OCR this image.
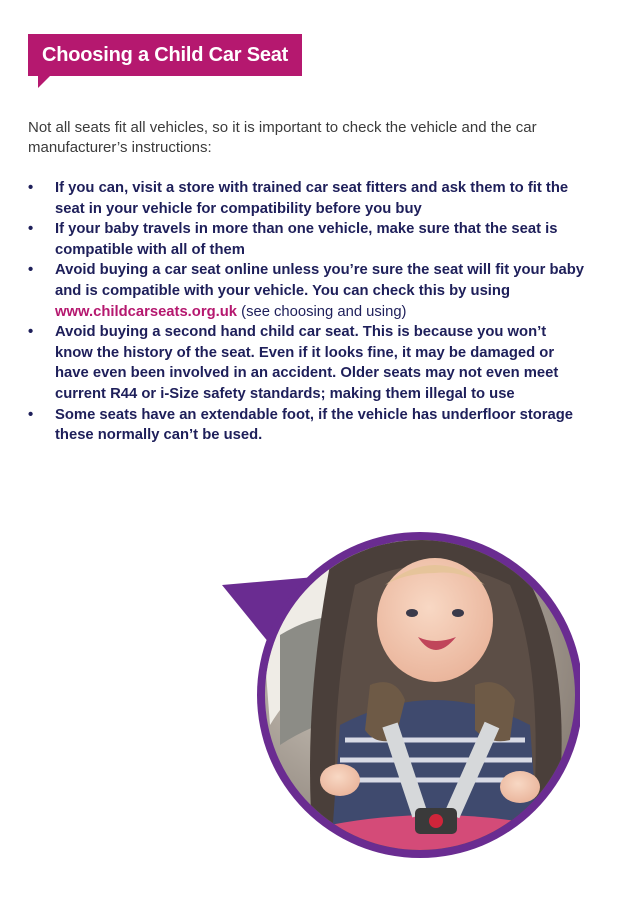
Choosing a Child Car Seat

Not all seats fit all vehicles, so it is important to check the vehicle and the car manufacturer’s instructions:

• If you can, visit a store with trained car seat fitters and ask them to fit the seat in your vehicle for compatibility before you buy
• If your baby travels in more than one vehicle, make sure that the seat is compatible with all of them
• Avoid buying a car seat online unless you’re sure the seat will fit your baby and is compatible with your vehicle. You can check this by using www.childcarseats.org.uk (see choosing and using)
• Avoid buying a second hand child car seat. This is because you won’t know the history of the seat. Even if it looks fine, it may be damaged or have even been involved in an accident. Older seats may not even meet current R44 or i-Size safety standards; making them illegal to use
• Some seats have an extendable foot, if the vehicle has underfloor storage these normally can’t be used.
